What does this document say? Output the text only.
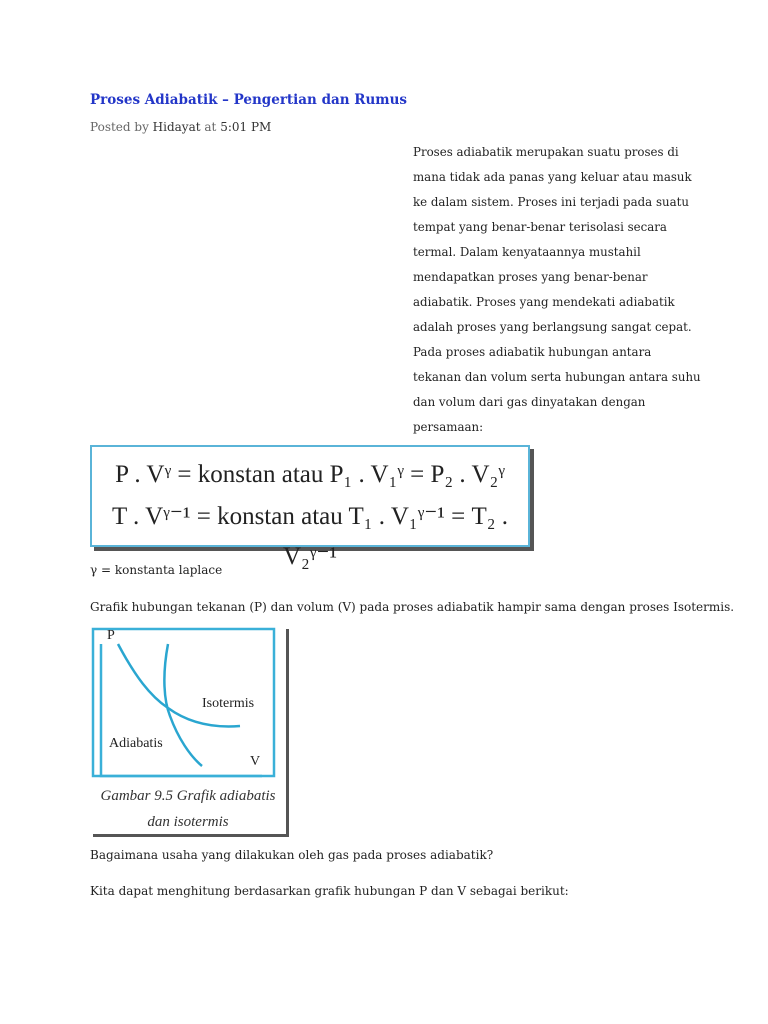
Proses Adiabatik – Pengertian dan Rumus
Posted by Hidayat at 5:01 PM
Proses adiabatik merupakan suatu proses di mana tidak ada panas yang keluar atau masuk ke dalam sistem. Proses ini terjadi pada suatu tempat yang benar-benar terisolasi secara termal. Dalam kenyataannya mustahil mendapatkan proses yang benar-benar adiabatik. Proses yang mendekati adiabatik adalah proses yang berlangsung sangat cepat. Pada proses adiabatik hubungan antara tekanan dan volum serta hubungan antara suhu dan volum dari gas dinyatakan dengan persamaan:
P . Vᵞ = konstan atau P₁ . V₁ᵞ = P₂ . V₂ᵞ
T . Vᵞ⁻¹ = konstan atau T₁ . V₁ᵞ⁻¹ = T₂ . V₂ᵞ⁻¹
γ = konstanta laplace
Grafik hubungan tekanan (P) dan volum (V) pada proses adiabatik hampir sama dengan proses Isotermis.
P
V
Isotermis
Adiabatis
Gambar 9.5 Grafik adiabatis
dan isotermis
Bagaimana usaha yang dilakukan oleh gas pada proses adiabatik?
Kita dapat menghitung berdasarkan grafik hubungan P dan V sebagai berikut:
